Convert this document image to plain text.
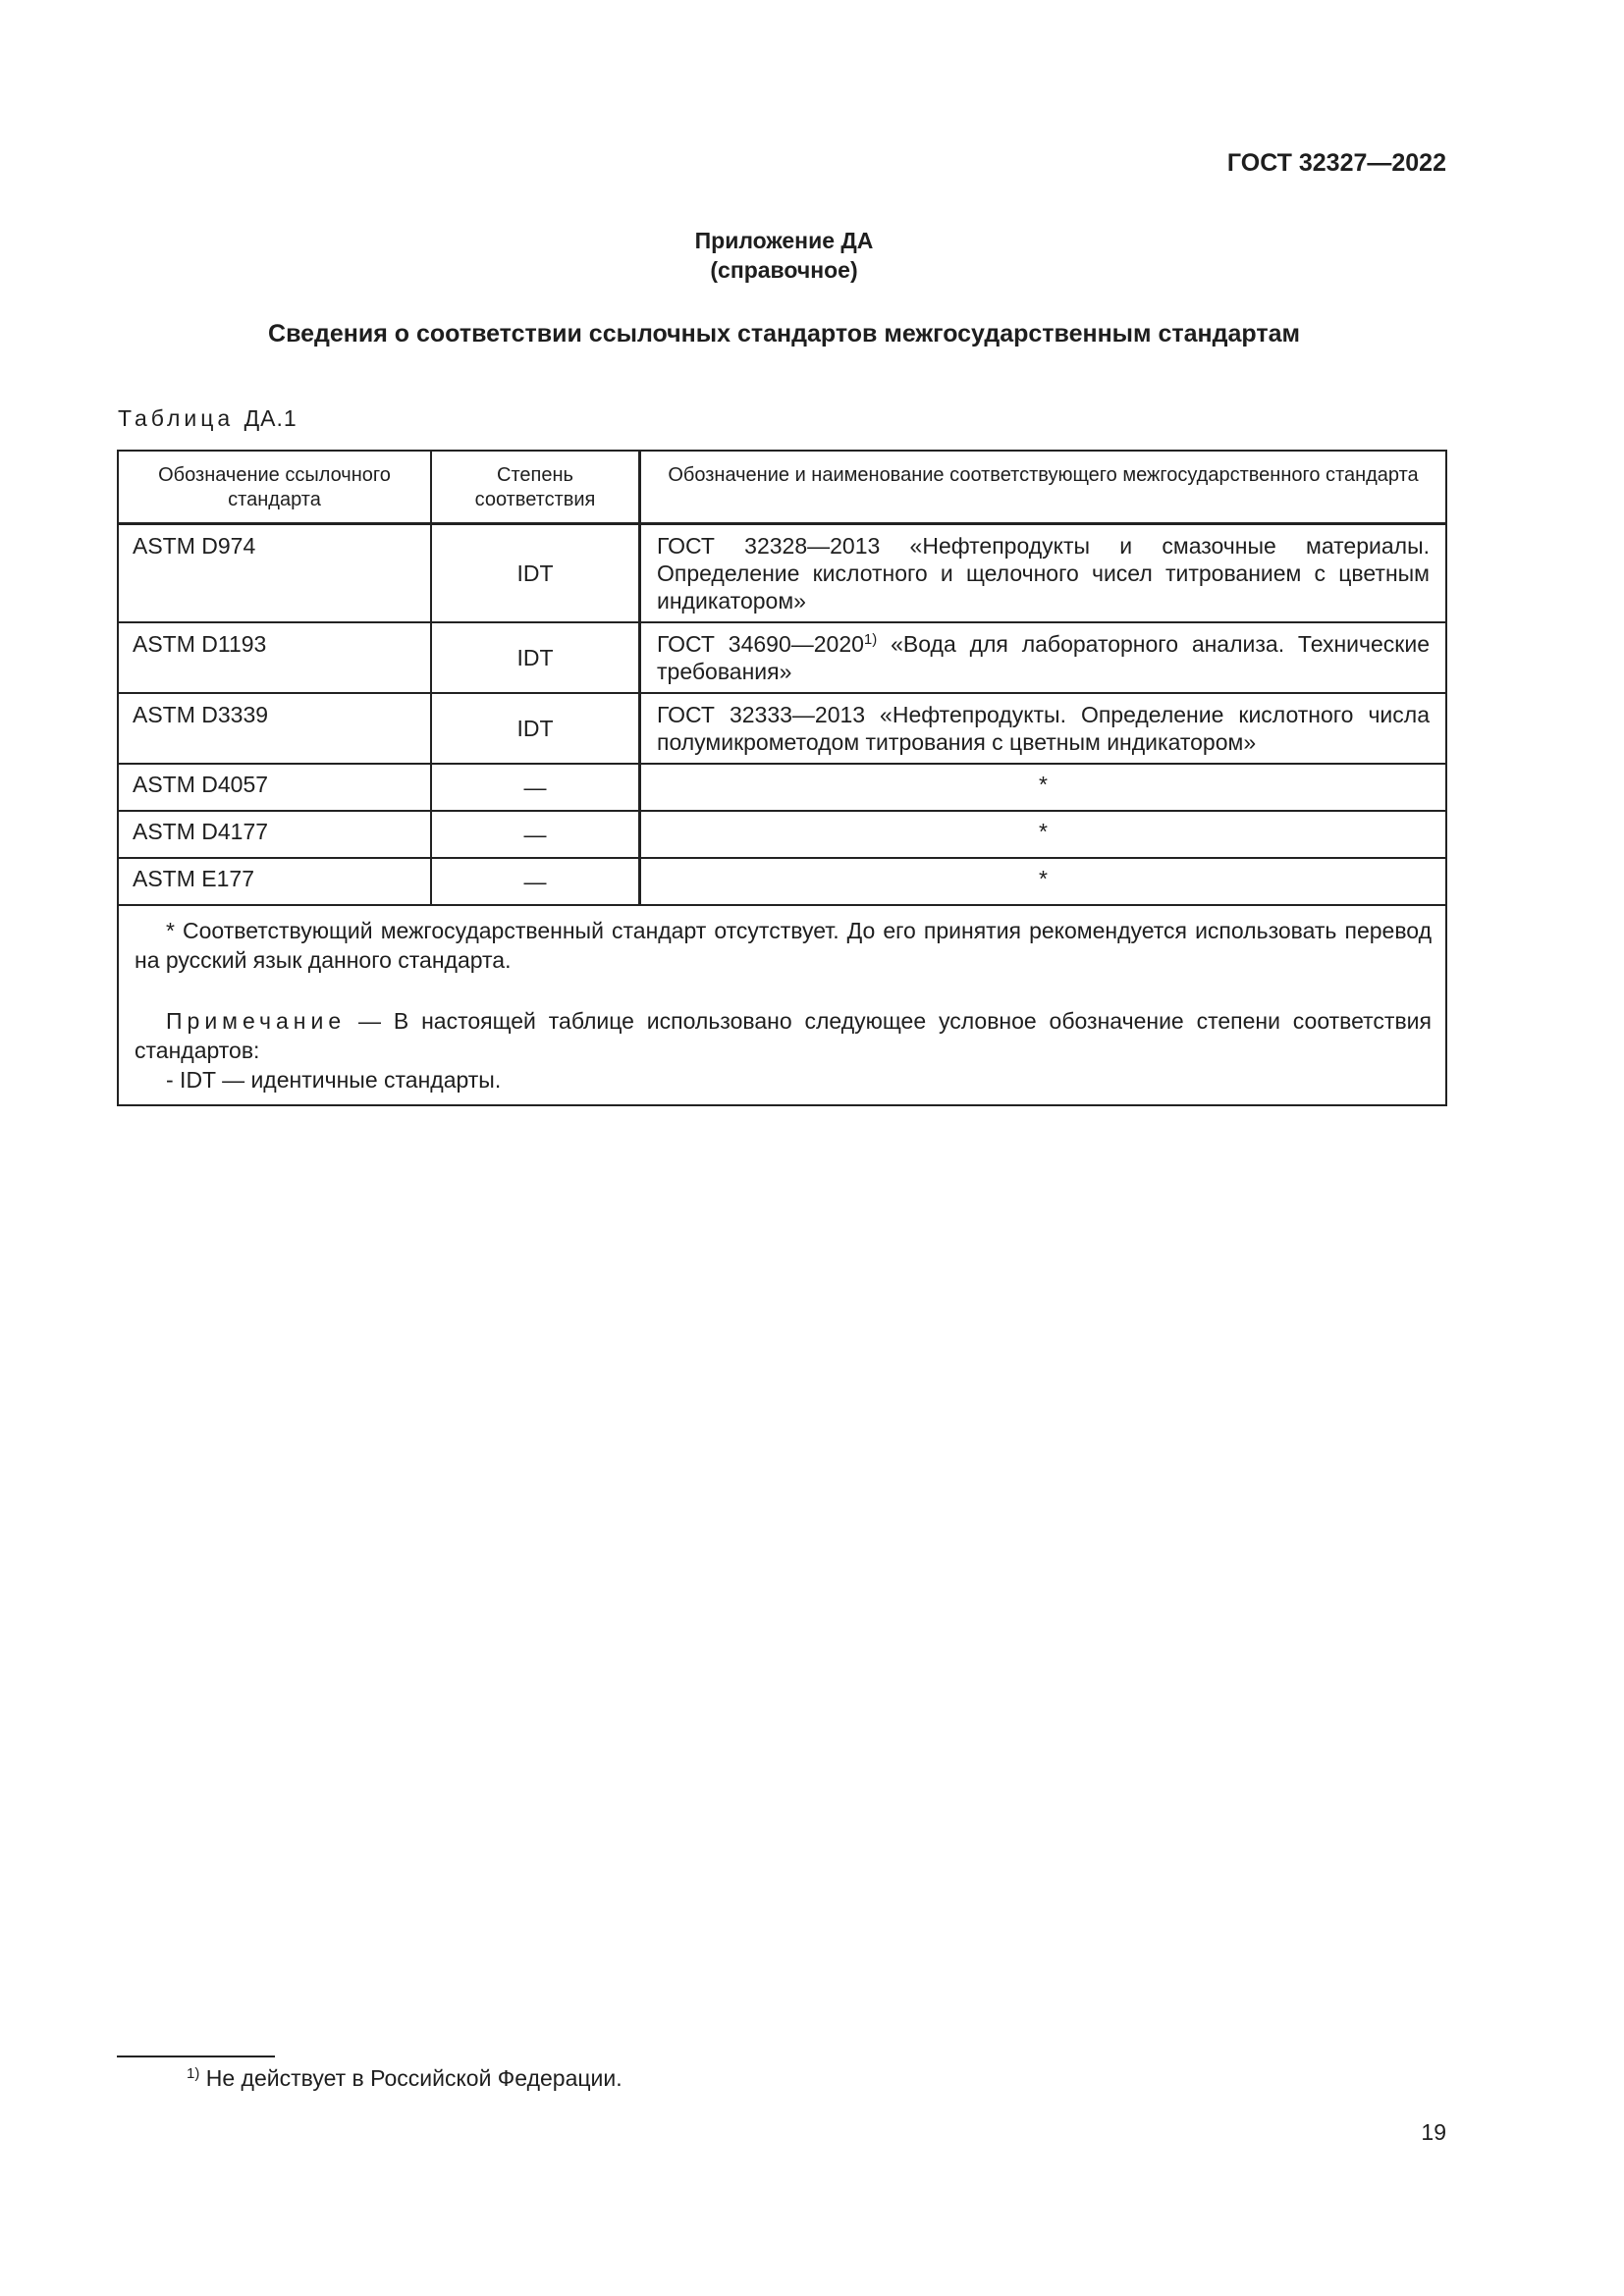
ГОСТ 32327—2022
Приложение ДА
(справочное)
Сведения о соответствии ссылочных стандартов межгосударственным стандартам
Таблица ДА.1
Обозначение ссылочного стандарта	Степень соответствия	Обозначение и наименование соответствующего межгосударственного стандарта
ASTM D974	IDT	ГОСТ 32328—2013 «Нефтепродукты и смазочные материалы. Определение кислотного и щелочного чисел титрованием с цветным индикатором»
ASTM D1193	IDT	ГОСТ 34690—2020$^{1)}$ «Вода для лабораторного анализа. Технические требования»
ASTM D3339	IDT	ГОСТ 32333—2013 «Нефтепродукты. Определение кислотного числа полумикрометодом титрования с цветным индикатором»
ASTM D4057	—	*
ASTM D4177	—	*
ASTM E177	—	*

* Соответствующий межгосударственный стандарт отсутствует. До его принятия рекомендуется использовать перевод на русский язык данного стандарта.

Примечание — В настоящей таблице использовано следующее условное обозначение степени соответствия стандартов:

- IDT — идентичные стандарты.		

$^{1)}$ Не действует в Российской Федерации.
19
